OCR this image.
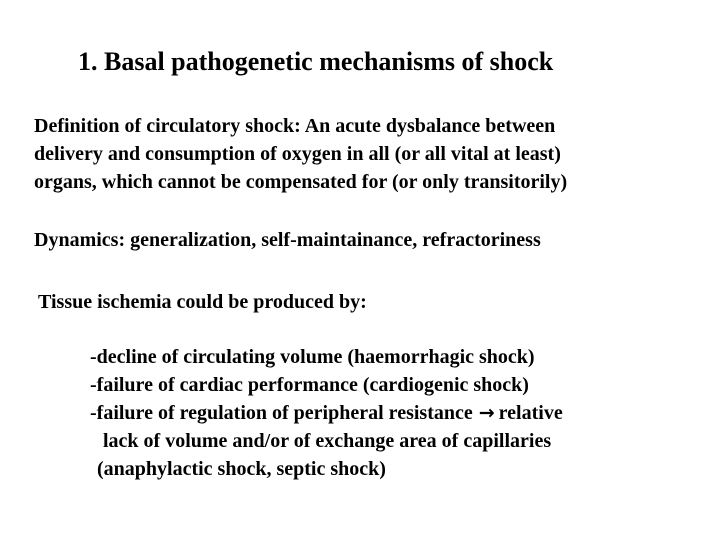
1. Basal pathogenetic mechanisms of shock
Definition of circulatory shock: An acute dysbalance between
delivery and consumption of oxygen in all (or all vital at least)
organs, which cannot be compensated for (or only transitorily)
Dynamics: generalization, self-maintainance, refractoriness
Tissue ischemia could be produced by:
-decline of circulating volume (haemorrhagic shock)
-failure of cardiac performance (cardiogenic shock)
-failure of regulation of peripheral resistance → relative
lack of volume and/or of exchange area of capillaries
(anaphylactic shock, septic shock)
